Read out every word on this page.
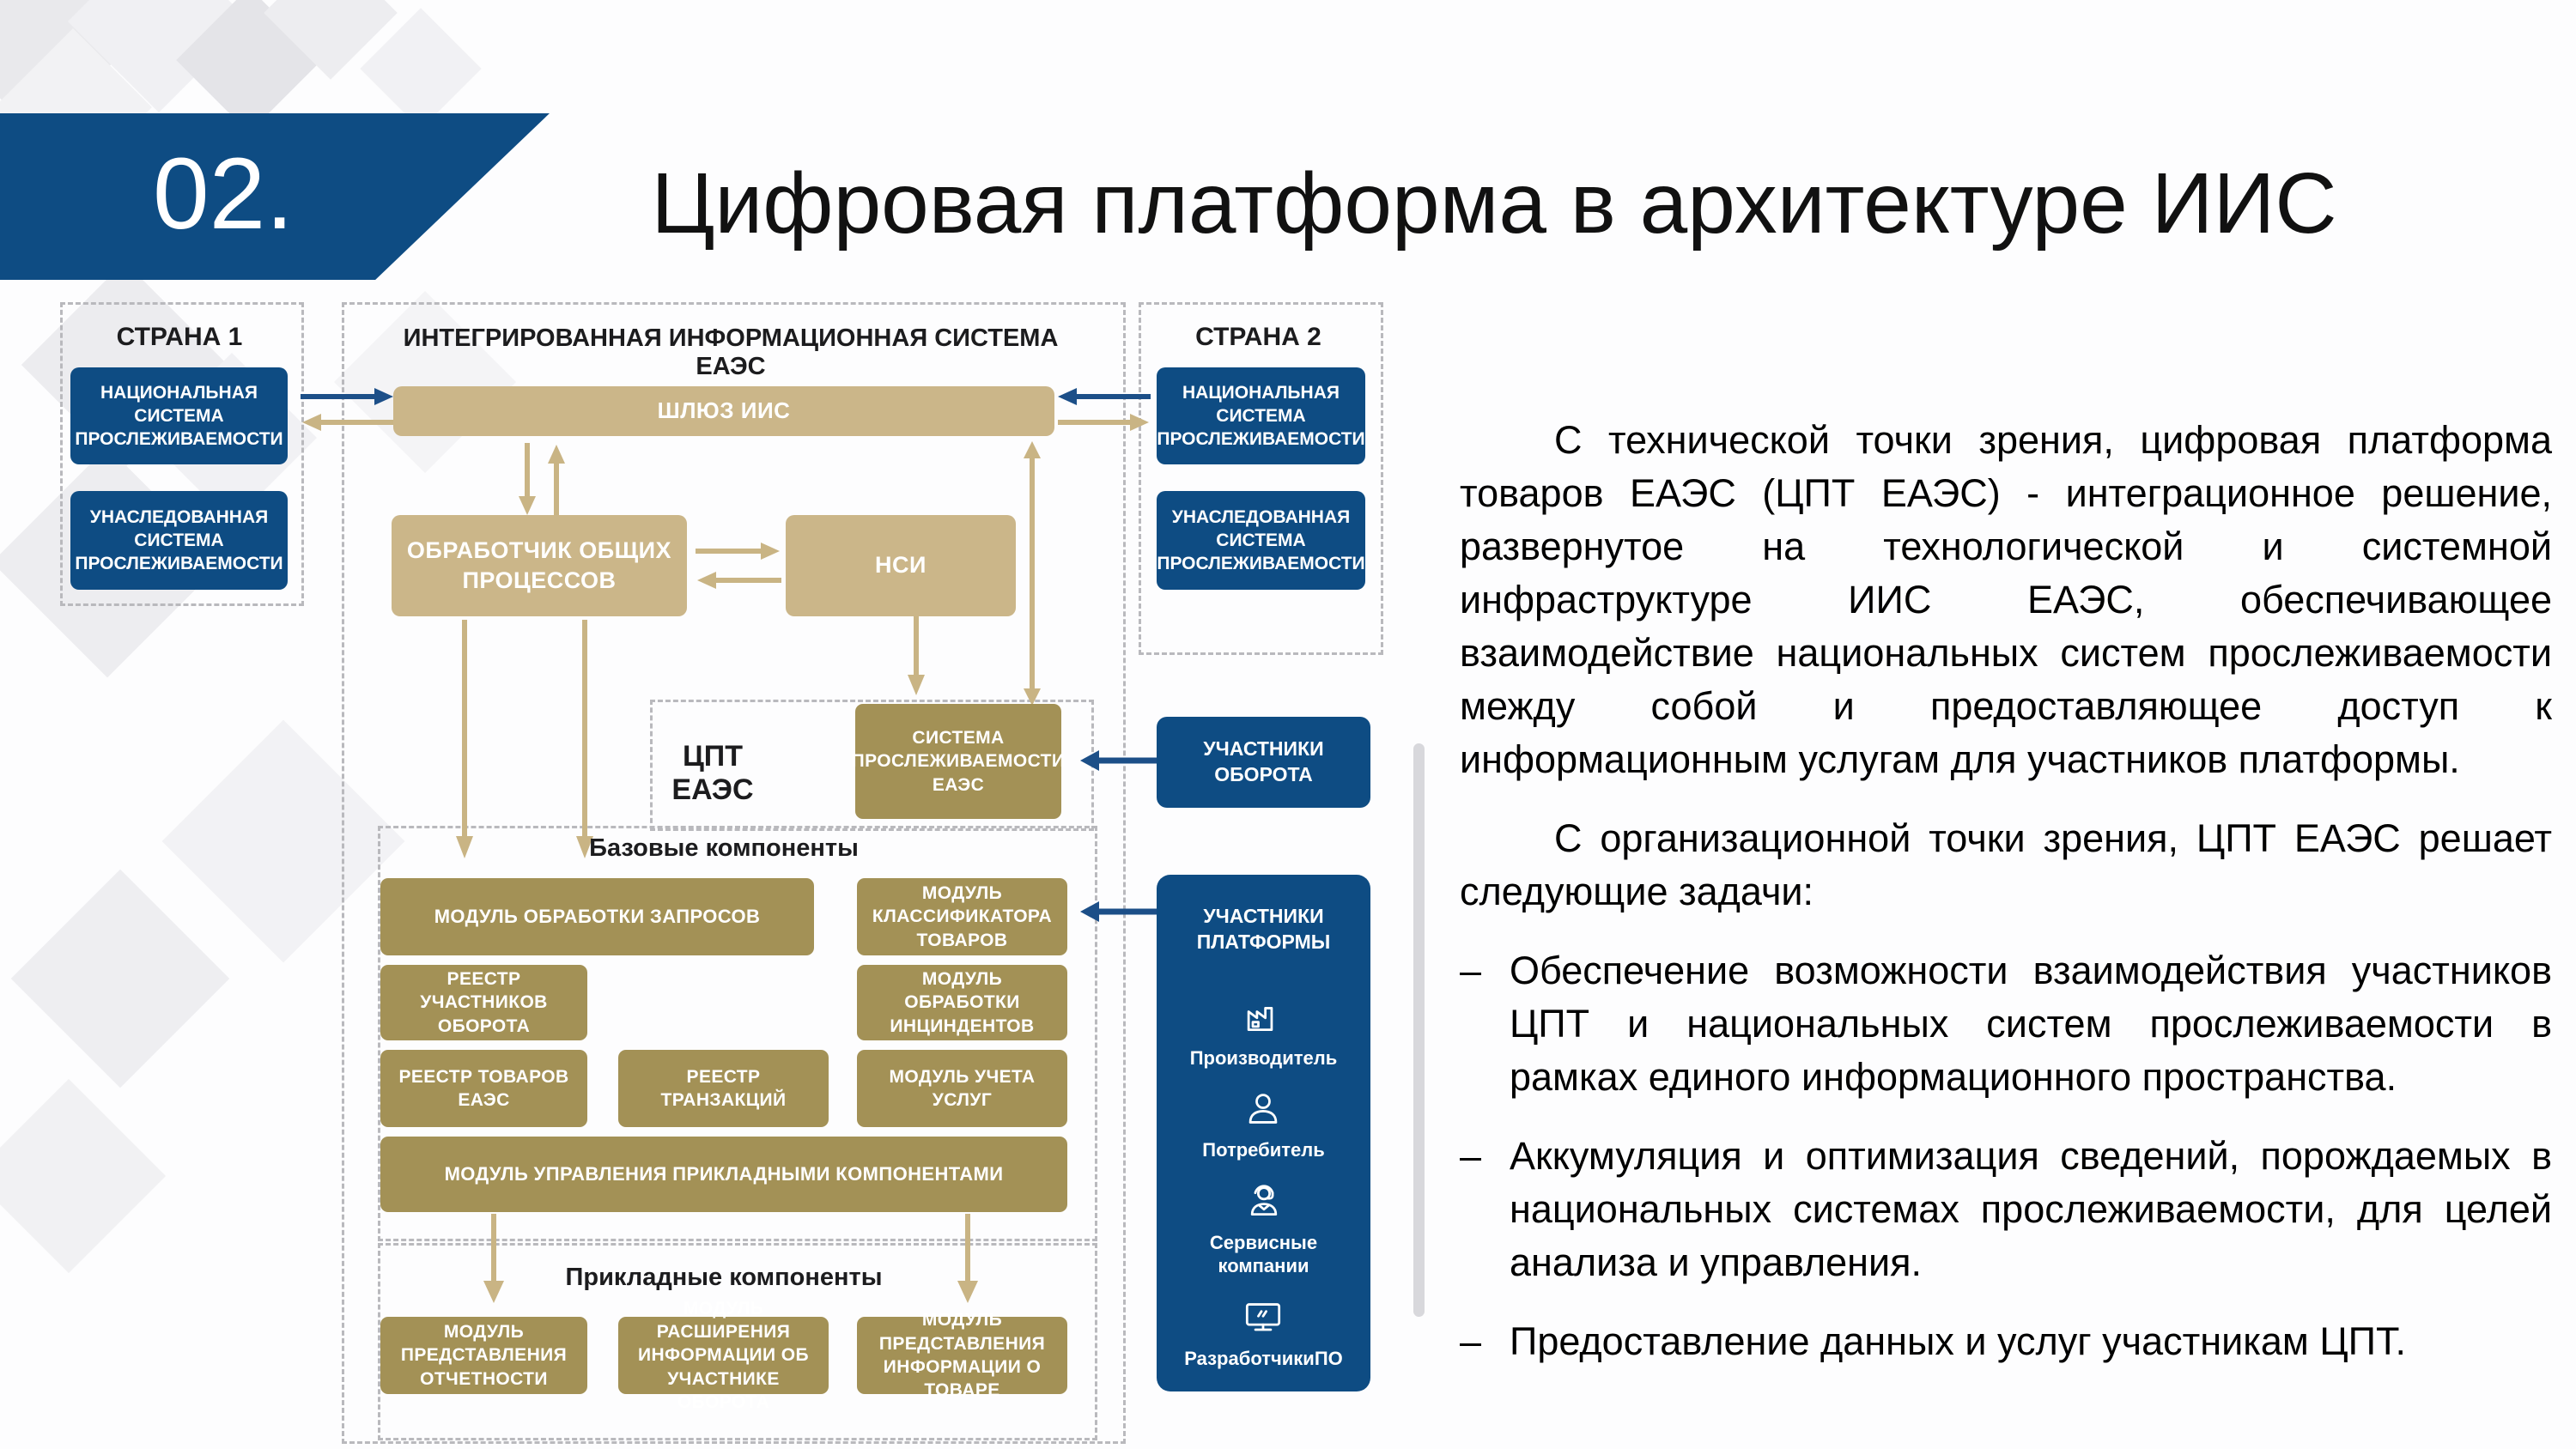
02.	Цифровая платформа в архитектуре ИИС
СТРАНА 1	СТРАНА 2
ИНТЕГРИРОВАННАЯ ИНФОРМАЦИОННАЯ СИСТЕМА ЕАЭС
ЦПТ ЕАЭС
Базовые компоненты
Прикладные компоненты
НАЦИОНАЛЬНАЯ СИСТЕМА ПРОСЛЕЖИВАЕМОСТИ
УНАСЛЕДОВАННАЯ СИСТЕМА ПРОСЛЕЖИВАЕМОСТИ
НАЦИОНАЛЬНАЯ СИСТЕМА ПРОСЛЕЖИВАЕМОСТИ
УНАСЛЕДОВАННАЯ СИСТЕМА ПРОСЛЕЖИВАЕМОСТИ
ШЛЮЗ ИИС
ОБРАБОТЧИК ОБЩИХ ПРОЦЕССОВ
НСИ
СИСТЕМА ПРОСЛЕЖИВАЕМОСТИ ЕАЭС
МОДУЛЬ ОБРАБОТКИ ЗАПРОСОВ
МОДУЛЬ КЛАССИФИКАТОРА ТОВАРОВ
РЕЕСТР УЧАСТНИКОВ ОБОРОТА
МОДУЛЬ ОБРАБОТКИ ИНЦИНДЕНТОВ
РЕЕСТР ТОВАРОВ ЕАЭС
РЕЕСТР ТРАНЗАКЦИЙ
МОДУЛЬ УЧЕТА УСЛУГ
МОДУЛЬ УПРАВЛЕНИЯ ПРИКЛАДНЫМИ КОМПОНЕНТАМИ
МОДУЛЬ ПРЕДСТАВЛЕНИЯ ОТЧЕТНОСТИ
МОДУЛЬ РАСШИРЕНИЯ ИНФОРМАЦИИ ОБ УЧАСТНИКЕ ОБОРОТА
МОДУЛЬ ПРЕДСТАВЛЕНИЯ ИНФОРМАЦИИ О ТОВАРЕ
УЧАСТНИКИ ОБОРОТА
УЧАСТНИКИ ПЛАТФОРМЫ
Производитель
Потребитель
Сервисные компании
РазработчикиПО

С технической точки зрения, цифровая платформа товаров ЕАЭС (ЦПТ ЕАЭС) - интеграционное решение, развернутое на технологической и системной инфраструктуре ИИС ЕАЭС, обеспечивающее взаимодействие национальных систем прослеживаемости между собой и предоставляющее доступ к информационным услугам для участников платформы.

С организационной точки зрения, ЦПТ ЕАЭС решает следующие задачи:

– Обеспечение возможности взаимодействия участников ЦПТ и национальных систем прослеживаемости в рамках единого информационного пространства.
– Аккумуляция и оптимизация сведений, порождаемых в национальных системах прослеживаемости, для целей анализа и управления.
– Предоставление данных и услуг участникам ЦПТ.
